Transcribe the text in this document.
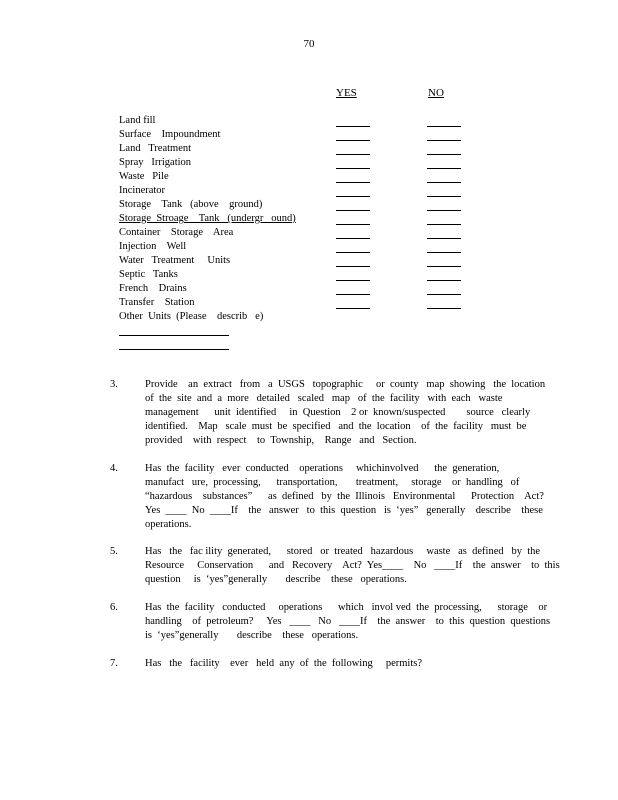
70
YES	NO
Land fill
Surface    Impoundment
Land   Treatment
Spray   Irrigation
Waste   Pile
Incinerator
Storage    Tank   (above    ground)
Storage  Stroage    Tank   (undergr   ound)
Container    Storage    Area
Injection    Well
Water   Treatment     Units
Septic   Tanks
French    Drains
Transfer    Station
Other  Units  (Please    describ   e)
3.	Provide    an  extract   from   a  USGS   topographic     or  county   map  showing   the  location
of  the  site  and  a  more   detailed   scaled   map   of  the  facility   with  each   waste
management      unit  identified     in  Question    2 or  known/suspected        source   clearly
identified.    Map   scale  must  be  specified   and  the  location    of  the  facility   must  be
provided    with  respect    to  Township,    Range   and   Section.
4.	Has  the  facility   ever  conducted    operations     whichinvolved      the  generation,
manufact   ure,  processing,      transportation,       treatment,     storage    or  handling   of
“hazardous    substances”      as  defined   by  the  Illinois   Environmental      Protection    Act?
Yes  ____  No  ____If    the   answer   to  this  question   is  ‘yes”   generally    describe    these
operations.
5.	Has   the   fac ility  generated,      stored   or  treated   hazardous     waste   as  defined   by  the
Resource     Conservation      and   Recovery    Act?  Yes____    No   ____If    the  answer    to  this
question     is  ‘yes”generally       describe    these   operations.
6.	Has  the  facility   conducted     operations      which   invol ved  the  processing,      storage    or
handling    of  petroleum?     Yes   ____   No   ____If    the  answer    to  this  question  questions
is  ‘yes”generally       describe    these   operations.
7.	Has   the   facility    ever   held  any  of  the  following     permits?
